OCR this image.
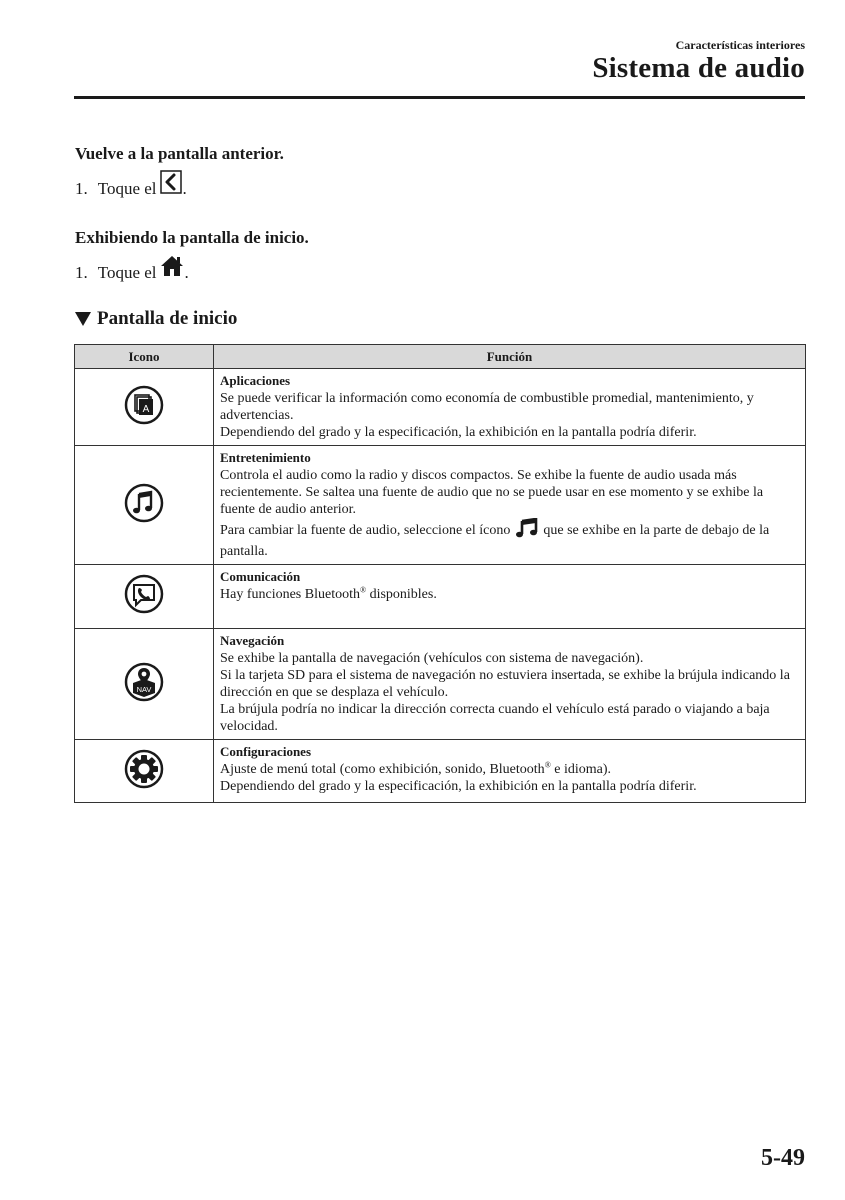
Características interiores
Sistema de audio
Vuelve a la pantalla anterior.
1. Toque el .
Exhibiendo la pantalla de inicio.
1. Toque el .
Pantalla de inicio
Icono	Función

A	Aplicaciones
Se puede verificar la información como economía de combustible promedial, mantenimiento, y advertencias.
Dependiendo del grado y la especificación, la exhibición en la pantalla podría diferir.

	Entretenimiento
Controla el audio como la radio y discos compactos. Se exhibe la fuente de audio usada más recientemente. Se saltea una fuente de audio que no se puede usar en ese momento y se exhibe la fuente de audio anterior.
Para cambiar la fuente de audio, seleccione el ícono que se exhibe en la parte de debajo de la pantalla.

	Comunicación
Hay funciones Bluetooth® disponibles.

NAV	Navegación
Se exhibe la pantalla de navegación (vehículos con sistema de navegación).
Si la tarjeta SD para el sistema de navegación no estuviera insertada, se exhibe la brújula indicando la dirección en que se desplaza el vehículo.
La brújula podría no indicar la dirección correcta cuando el vehículo está parado o viajando a baja velocidad.

	Configuraciones
Ajuste de menú total (como exhibición, sonido, Bluetooth® e idioma).
Dependiendo del grado y la especificación, la exhibición en la pantalla podría diferir.
5-49
